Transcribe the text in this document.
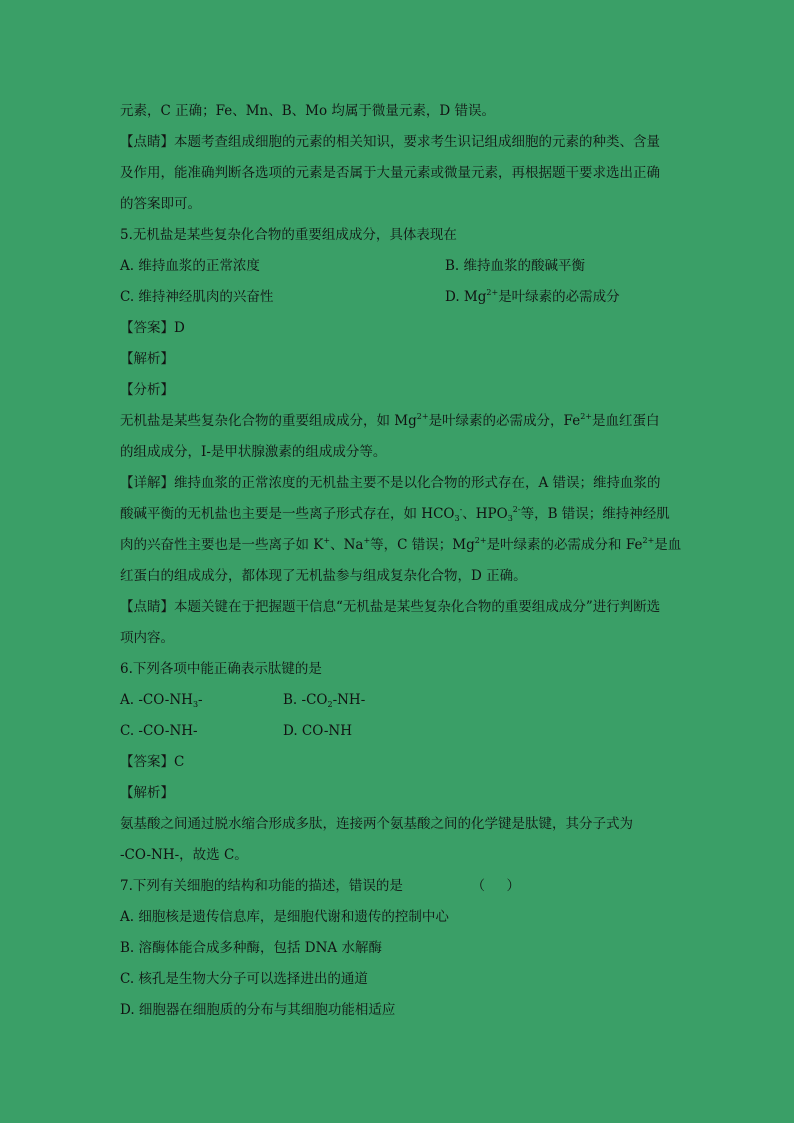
元素，C 正确；Fe、Mn、B、Mo 均属于微量元素，D 错误。
【点睛】本题考查组成细胞的元素的相关知识，要求考生识记组成细胞的元素的种类、含量
及作用，能准确判断各选项的元素是否属于大量元素或微量元素，再根据题干要求选出正确
的答案即可。
5.无机盐是某些复杂化合物的重要组成成分，具体表现在
A. 维持血浆的正常浓度	B. 维持血浆的酸碱平衡
C. 维持神经肌肉的兴奋性	D. $Mg^{2+}$是叶绿素的必需成分
【答案】D
【解析】
【分析】
无机盐是某些复杂化合物的重要组成成分，如 $Mg^{2+}$是叶绿素的必需成分，$Fe^{2+}$是血红蛋白
的组成成分，I-是甲状腺激素的组成成分等。
【详解】维持血浆的正常浓度的无机盐主要不是以化合物的形式存在，A 错误；维持血浆的
酸碱平衡的无机盐也主要是一些离子形式存在，如 $HCO_3^-$、$HPO_3^{2-}$等，B 错误；维持神经肌
肉的兴奋性主要也是一些离子如 K+、Na+等，C 错误；$Mg^{2+}$是叶绿素的必需成分和 $Fe^{2+}$是血
红蛋白的组成成分，都体现了无机盐参与组成复杂化合物，D 正确。
【点睛】本题关键在于把握题干信息“无机盐是某些复杂化合物的重要组成成分”进行判断选
项内容。
6.下列各项中能正确表示肽键的是
A. $-CO-NH_3-$	B. $-CO_2-NH-$
C. -CO-NH-	D. CO-NH
【答案】C
【解析】
氨基酸之间通过脱水缩合形成多肽，连接两个氨基酸之间的化学键是肽键，其分子式为
-CO-NH-，故选 C。
7.下列有关细胞的结构和功能的描述，错误的是                （     ）
A. 细胞核是遗传信息库，是细胞代谢和遗传的控制中心
B. 溶酶体能合成多种酶，包括 DNA 水解酶
C. 核孔是生物大分子可以选择进出的通道
D. 细胞器在细胞质的分布与其细胞功能相适应
